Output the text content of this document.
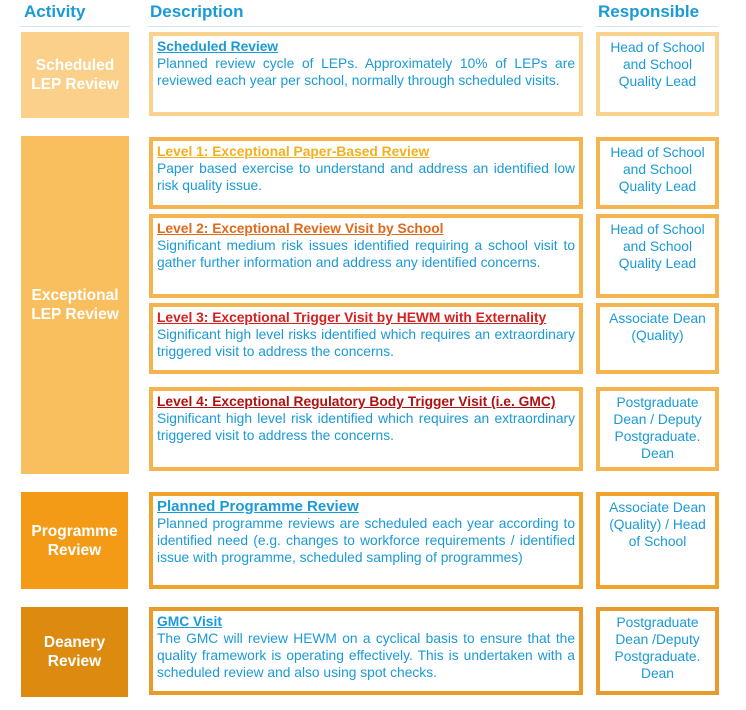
Activity	Description	Responsible
Scheduled LEP Review
Exceptional LEP Review
Programme Review
Deanery Review
Scheduled Review
Planned review cycle of LEPs. Approximately 10% of LEPs are reviewed each year per school, normally through scheduled visits.
Head of School and School Quality Lead
Level 1: Exceptional Paper-Based Review
Paper based exercise to understand and address an identified low risk quality issue.
Head of School and School Quality Lead
Level 2: Exceptional Review Visit by School
Significant medium risk issues identified requiring a school visit to gather further information and address any identified concerns.
Head of School and School Quality Lead
Level 3: Exceptional Trigger Visit by HEWM with Externality
Significant high level risks identified which requires an extraordinary triggered visit to address the concerns.
Associate Dean (Quality)
Level 4: Exceptional Regulatory Body Trigger Visit (i.e. GMC)
Significant high level risk identified which requires an extraordinary triggered visit to address the concerns.
Postgraduate Dean / Deputy Postgraduate. Dean
Planned Programme Review
Planned programme reviews are scheduled each year according to identified need (e.g. changes to workforce requirements / identified issue with programme, scheduled sampling of programmes)
Associate Dean (Quality) / Head of School
GMC Visit
The GMC will review HEWM on a cyclical basis to ensure that the quality framework is operating effectively. This is undertaken with a scheduled review and also using spot checks.
Postgraduate Dean /Deputy Postgraduate. Dean
